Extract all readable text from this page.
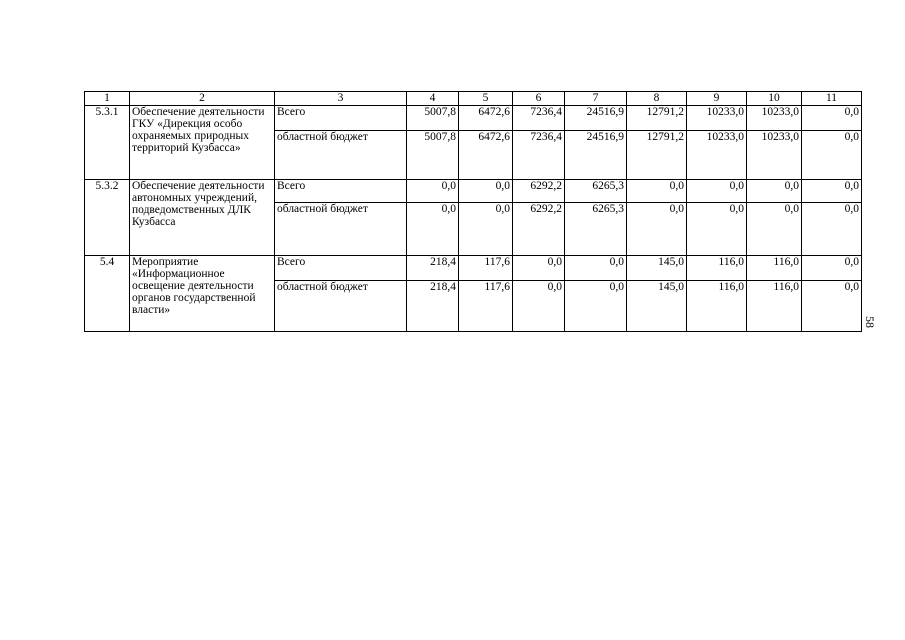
1	2	3	4	5	6	7	8	9	10	11
5.3.1	Обеспечение деятельности ГКУ «Дирекция особо охраняемых природных территорий Кузбасса»	Всего	5007,8	6472,6	7236,4	24516,9	12791,2	10233,0	10233,0	0,0
		областной бюджет	5007,8	6472,6	7236,4	24516,9	12791,2	10233,0	10233,0	0,0
5.3.2	Обеспечение деятельности автономных учреждений, подведомственных ДЛК Кузбасса	Всего	0,0	0,0	6292,2	6265,3	0,0	0,0	0,0	0,0
		областной бюджет	0,0	0,0	6292,2	6265,3	0,0	0,0	0,0	0,0
5.4	Мероприятие «Информационное освещение деятельности органов государственной власти»	Всего	218,4	117,6	0,0	0,0	145,0	116,0	116,0	0,0
		областной бюджет	218,4	117,6	0,0	0,0	145,0	116,0	116,0	0,0
58
